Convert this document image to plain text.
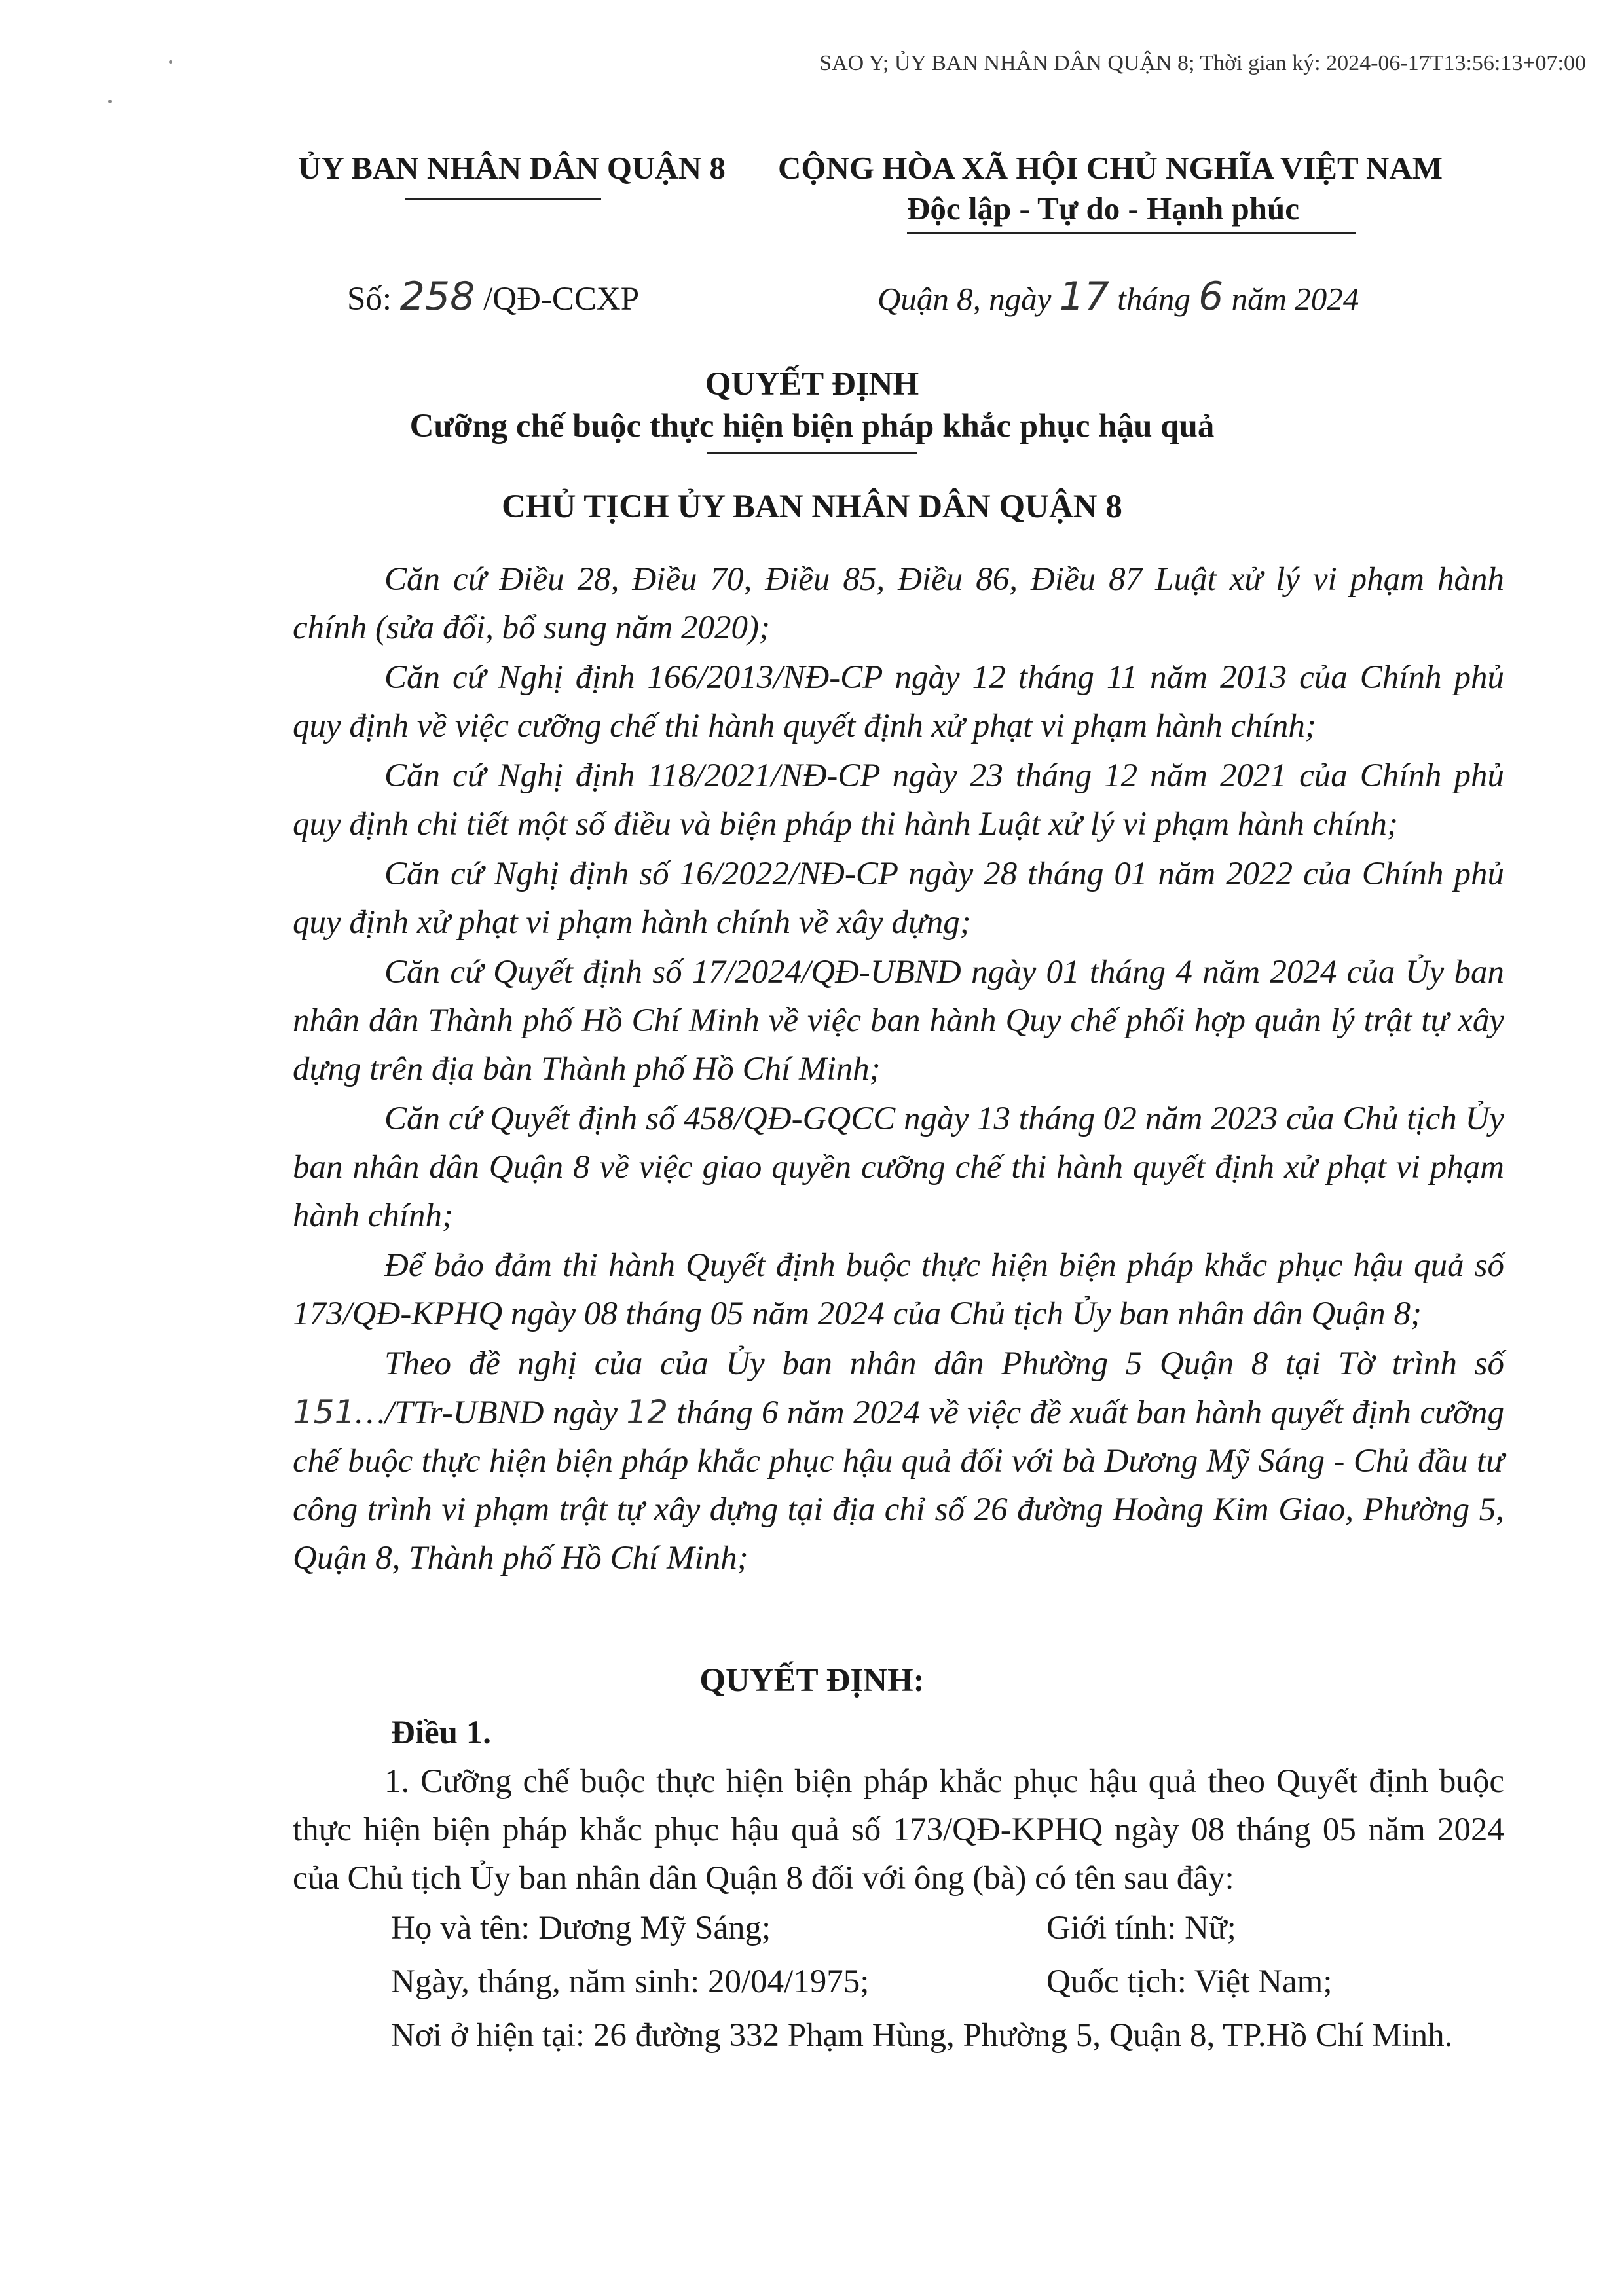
SAO Y; ỦY BAN NHÂN DÂN QUẬN 8; Thời gian ký: 2024-06-17T13:56:13+07:00
ỦY BAN NHÂN DÂN QUẬN 8 CỘNG HÒA XÃ HỘI CHỦ NGHĨA VIỆT NAM
Độc lập - Tự do - Hạnh phúc
Số: 258 /QĐ-CCXP	Quận 8, ngày 17 tháng 6 năm 2024
QUYẾT ĐỊNH
Cưỡng chế buộc thực hiện biện pháp khắc phục hậu quả
CHỦ TỊCH ỦY BAN NHÂN DÂN QUẬN 8

Căn cứ Điều 28, Điều 70, Điều 85, Điều 86, Điều 87 Luật xử lý vi phạm hành chính (sửa đổi, bổ sung năm 2020);

Căn cứ Nghị định 166/2013/NĐ-CP ngày 12 tháng 11 năm 2013 của Chính phủ quy định về việc cưỡng chế thi hành quyết định xử phạt vi phạm hành chính;

Căn cứ Nghị định 118/2021/NĐ-CP ngày 23 tháng 12 năm 2021 của Chính phủ quy định chi tiết một số điều và biện pháp thi hành Luật xử lý vi phạm hành chính;

Căn cứ Nghị định số 16/2022/NĐ-CP ngày 28 tháng 01 năm 2022 của Chính phủ quy định xử phạt vi phạm hành chính về xây dựng;

Căn cứ Quyết định số 17/2024/QĐ-UBND ngày 01 tháng 4 năm 2024 của Ủy ban nhân dân Thành phố Hồ Chí Minh về việc ban hành Quy chế phối hợp quản lý trật tự xây dựng trên địa bàn Thành phố Hồ Chí Minh;

Căn cứ Quyết định số 458/QĐ-GQCC ngày 13 tháng 02 năm 2023 của Chủ tịch Ủy ban nhân dân Quận 8 về việc giao quyền cưỡng chế thi hành quyết định xử phạt vi phạm hành chính;

Để bảo đảm thi hành Quyết định buộc thực hiện biện pháp khắc phục hậu quả số 173/QĐ-KPHQ ngày 08 tháng 05 năm 2024 của Chủ tịch Ủy ban nhân dân Quận 8;

Theo đề nghị của của Ủy ban nhân dân Phường 5 Quận 8 tại Tờ trình số 151…/TTr-UBND ngày 12 tháng 6 năm 2024 về việc đề xuất ban hành quyết định cưỡng chế buộc thực hiện biện pháp khắc phục hậu quả đối với bà Dương Mỹ Sáng - Chủ đầu tư công trình vi phạm trật tự xây dựng tại địa chỉ số 26 đường Hoàng Kim Giao, Phường 5, Quận 8, Thành phố Hồ Chí Minh;

QUYẾT ĐỊNH:
Điều 1.

1. Cưỡng chế buộc thực hiện biện pháp khắc phục hậu quả theo Quyết định buộc thực hiện biện pháp khắc phục hậu quả số 173/QĐ-KPHQ ngày 08 tháng 05 năm 2024 của Chủ tịch Ủy ban nhân dân Quận 8 đối với ông (bà) có tên sau đây:

Họ và tên: Dương Mỹ Sáng;	Giới tính: Nữ;
Ngày, tháng, năm sinh: 20/04/1975;	Quốc tịch: Việt Nam;
Nơi ở hiện tại: 26 đường 332 Phạm Hùng, Phường 5, Quận 8, TP.Hồ Chí Minh.
